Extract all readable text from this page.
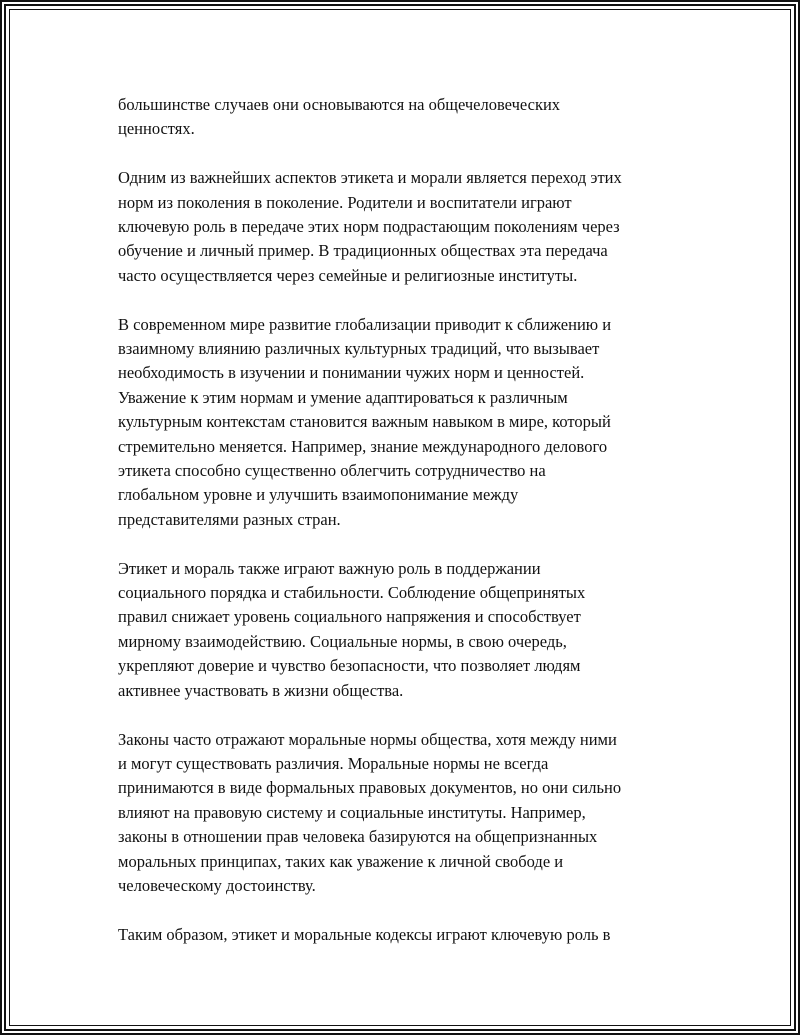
большинстве случаев они основываются на общечеловеческих
ценностях.

Одним из важнейших аспектов этикета и морали является переход этих
норм из поколения в поколение. Родители и воспитатели играют
ключевую роль в передаче этих норм подрастающим поколениям через
обучение и личный пример. В традиционных обществах эта передача
часто осуществляется через семейные и религиозные институты.

В современном мире развитие глобализации приводит к сближению и
взаимному влиянию различных культурных традиций, что вызывает
необходимость в изучении и понимании чужих норм и ценностей.
Уважение к этим нормам и умение адаптироваться к различным
культурным контекстам становится важным навыком в мире, который
стремительно меняется. Например, знание международного делового
этикета способно существенно облегчить сотрудничество на
глобальном уровне и улучшить взаимопонимание между
представителями разных стран.

Этикет и мораль также играют важную роль в поддержании
социального порядка и стабильности. Соблюдение общепринятых
правил снижает уровень социального напряжения и способствует
мирному взаимодействию. Социальные нормы, в свою очередь,
укрепляют доверие и чувство безопасности, что позволяет людям
активнее участвовать в жизни общества.

Законы часто отражают моральные нормы общества, хотя между ними
и могут существовать различия. Моральные нормы не всегда
принимаются в виде формальных правовых документов, но они сильно
влияют на правовую систему и социальные институты. Например,
законы в отношении прав человека базируются на общепризнанных
моральных принципах, таких как уважение к личной свободе и
человеческому достоинству.

Таким образом, этикет и моральные кодексы играют ключевую роль в
